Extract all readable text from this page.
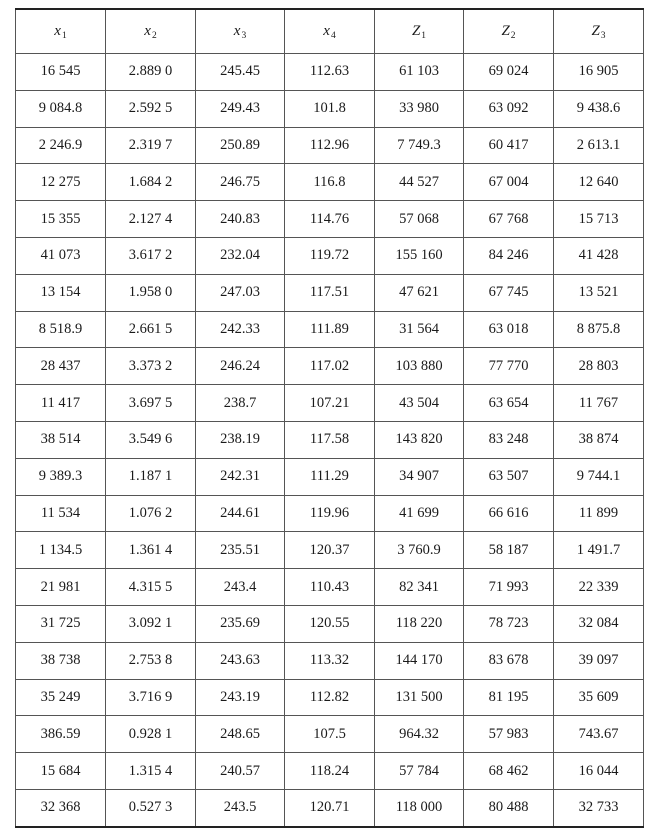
$x_1$	$x_2$	$x_3$	$x_4$	$Z_1$	$Z_2$	$Z_3$
16 545	2.889 0	245.45	112.63	61 103	69 024	16 905
9 084.8	2.592 5	249.43	101.8	33 980	63 092	9 438.6
2 246.9	2.319 7	250.89	112.96	7 749.3	60 417	2 613.1
12 275	1.684 2	246.75	116.8	44 527	67 004	12 640
15 355	2.127 4	240.83	114.76	57 068	67 768	15 713
41 073	3.617 2	232.04	119.72	155 160	84 246	41 428
13 154	1.958 0	247.03	117.51	47 621	67 745	13 521
8 518.9	2.661 5	242.33	111.89	31 564	63 018	8 875.8
28 437	3.373 2	246.24	117.02	103 880	77 770	28 803
11 417	3.697 5	238.7	107.21	43 504	63 654	11 767
38 514	3.549 6	238.19	117.58	143 820	83 248	38 874
9 389.3	1.187 1	242.31	111.29	34 907	63 507	9 744.1
11 534	1.076 2	244.61	119.96	41 699	66 616	11 899
1 134.5	1.361 4	235.51	120.37	3 760.9	58 187	1 491.7
21 981	4.315 5	243.4	110.43	82 341	71 993	22 339
31 725	3.092 1	235.69	120.55	118 220	78 723	32 084
38 738	2.753 8	243.63	113.32	144 170	83 678	39 097
35 249	3.716 9	243.19	112.82	131 500	81 195	35 609
386.59	0.928 1	248.65	107.5	964.32	57 983	743.67
15 684	1.315 4	240.57	118.24	57 784	68 462	16 044
32 368	0.527 3	243.5	120.71	118 000	80 488	32 733
